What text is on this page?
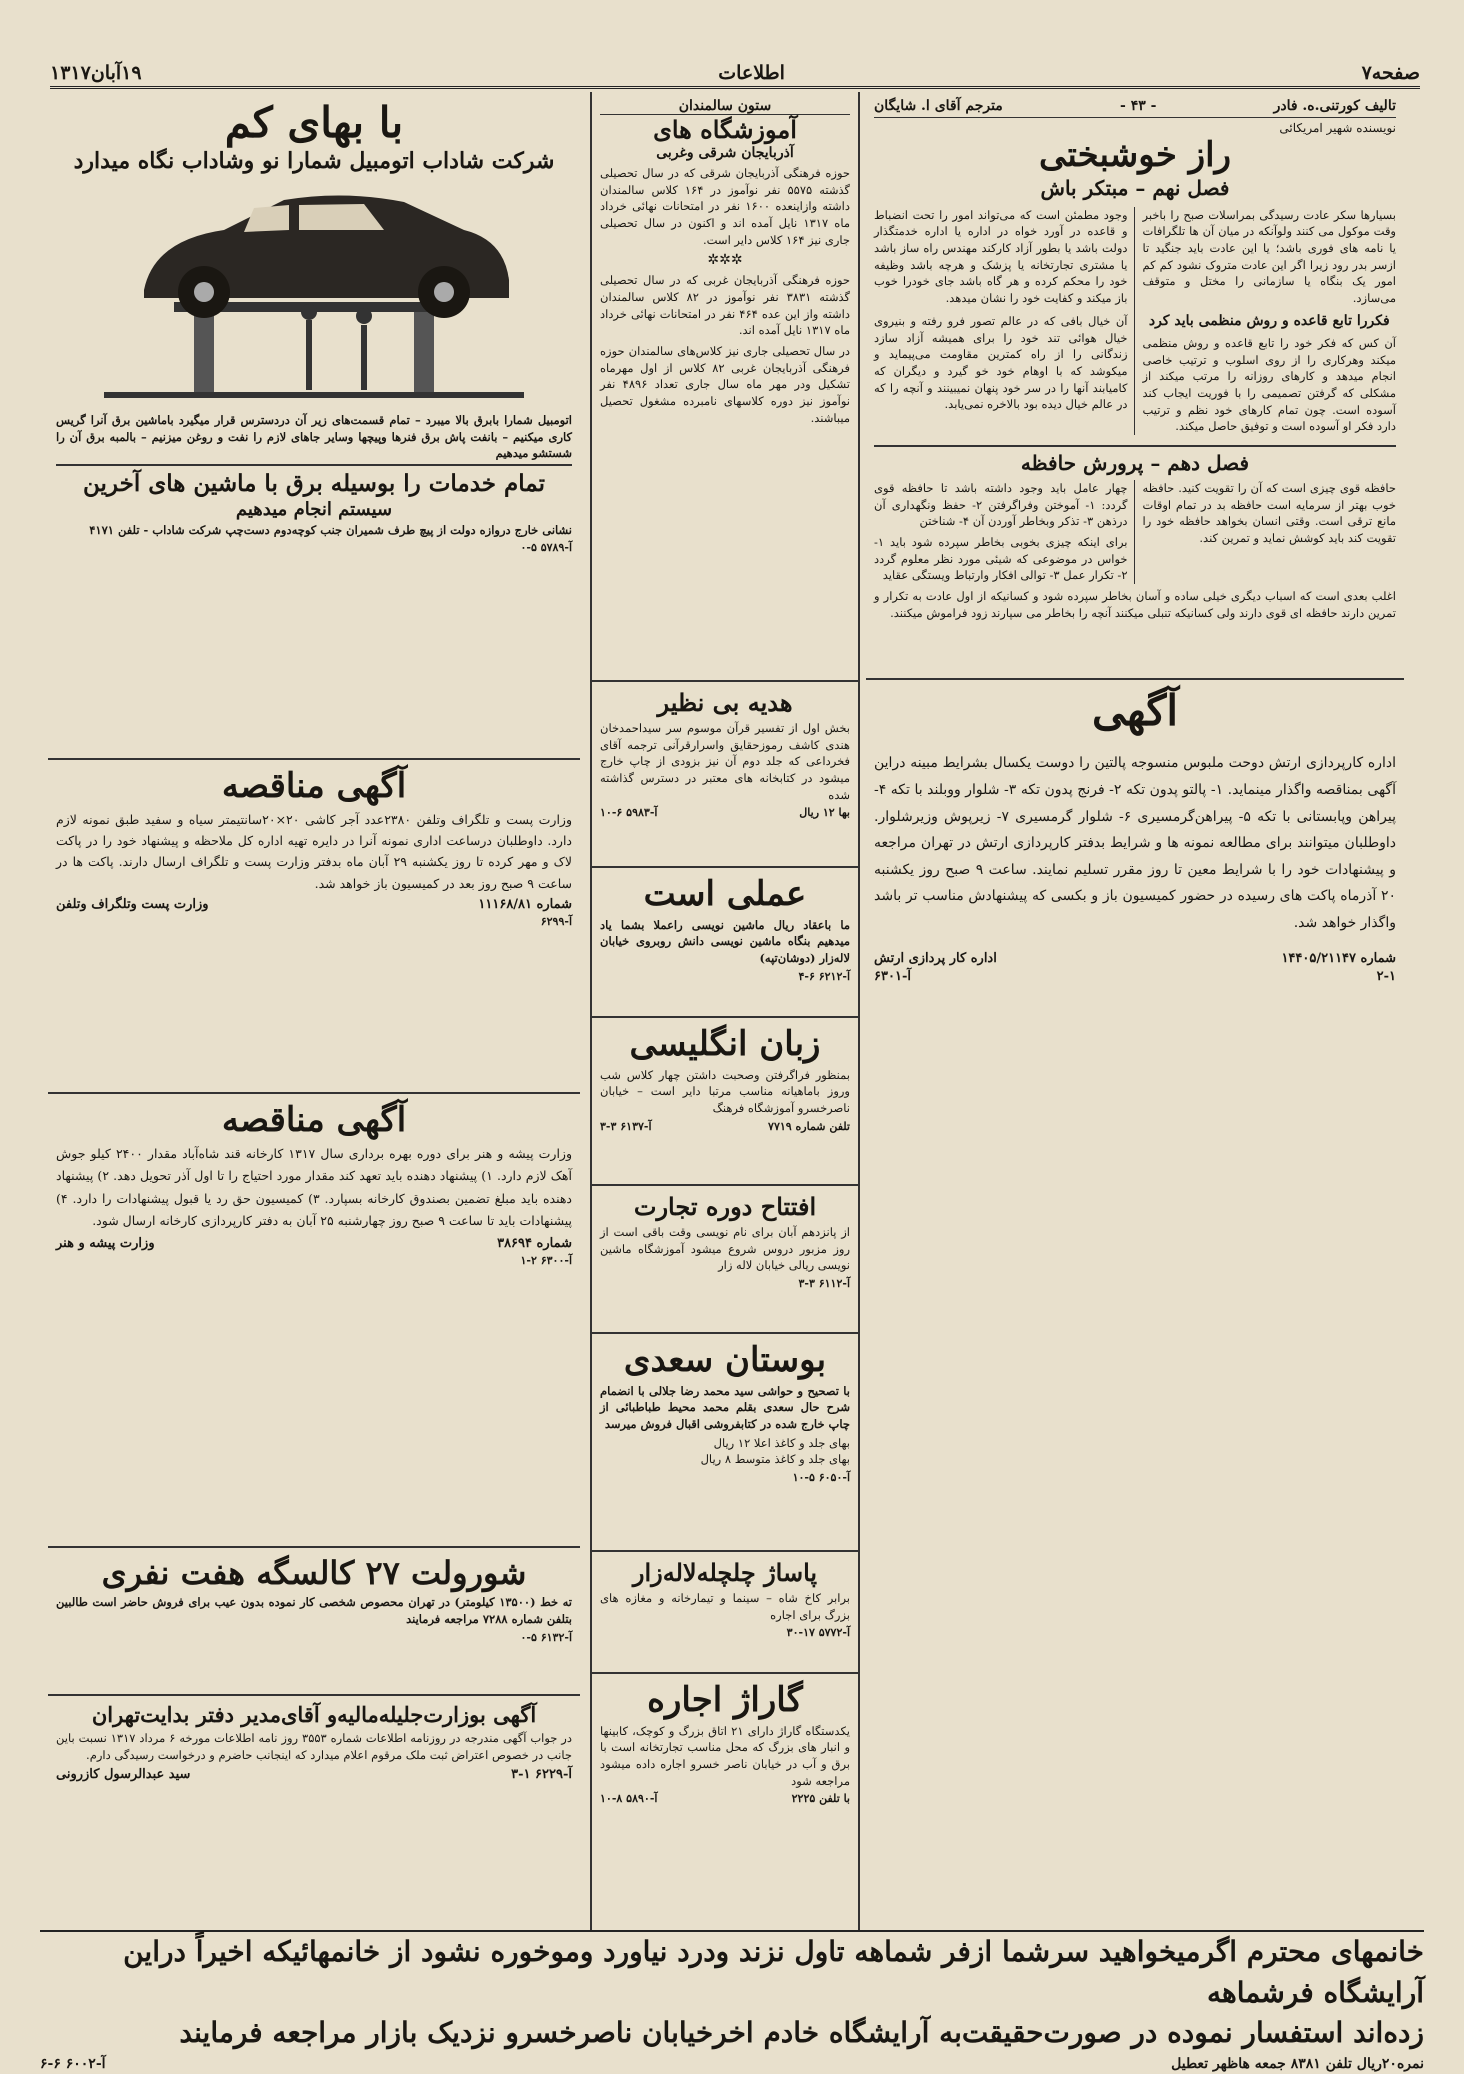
صفحه۷
اطلاعات
۱۹آبان۱۳۱۷
تالیف کورتنی.ه. فادر
- ۴۳ -
مترجم آقای ا. شایگان
نویسنده شهیر امریکائی
راز خوشبختی
فصل نهم – مبتکر باش

بسیارها سکر عادت رسیدگی بمراسلات صبح را باخبر وقت موکول می کنند ولوآنکه در میان آن ها تلگرافات یا نامه های فوری باشد؛ یا این عادت باید جنگید تا ازسر بدر رود زیرا اگر این عادت متروک نشود کم کم امور یک بنگاه یا سازمانی را مختل و متوقف می‌سازد.

فکررا تابع قاعده و روش منظمی باید کرد

آن کس که فکر خود را تابع قاعده و روش منظمی میکند وهرکاری را از روی اسلوب و ترتیب خاصی انجام میدهد و کارهای روزانه را مرتب میکند از مشکلی که گرفتن تصمیمی را با فوریت ایجاب کند آسوده است. چون تمام کارهای خود نظم و ترتیب دارد فکر او آسوده است و توفیق حاصل میکند.

وجود مطمئن است که می‌تواند امور را تحت انضباط و قاعده در آورد خواه در اداره یا اداره خدمتگذار دولت باشد یا بطور آزاد کارکند مهندس راه ساز باشد یا مشتری تجارتخانه یا پزشک و هرچه باشد وظیفه خود را محکم کرده و هر گاه باشد جای خودرا خوب باز میکند و کفایت خود را نشان میدهد.

آن خیال بافی که در عالم تصور فرو رفته و بنیروی خیال هوائی تند خود را برای همیشه آزاد سازد زندگانی را از راه کمترین مقاومت می‌پیماید و میکوشد که با اوهام خود خو گیرد و دیگران که کامیابند آنها را در سر خود پنهان نمیبینند و آنچه را که در عالم خیال دیده بود بالاخره نمی‌یابد.

فصل دهم – پرورش حافظه

حافظه قوی چیزی است که آن را تقویت کنید. حافظه خوب بهتر از سرمایه است حافظه بد در تمام اوقات مانع ترقی است. وقتی انسان بخواهد حافظه خود را تقویت کند باید کوشش نماید و تمرین کند.

چهار عامل باید وجود داشته باشد تا حافظه قوی گردد: ۱- آموختن وفراگرفتن ۲- حفظ ونگهداری آن درذهن ۳- تذکر وبخاطر آوردن آن ۴- شناختن

برای اینکه چیزی بخوبی بخاطر سپرده شود باید ۱- خواس در موضوعی که شیئی مورد نظر معلوم گردد ۲- تکرار عمل ۳- توالی افکار وارتباط ویستگی عقاید

اغلب بعدی است که اسباب دیگری خیلی ساده و آسان بخاطر سپرده شود و کسانیکه از اول عادت به تکرار و تمرین دارند حافظه ای قوی دارند ولی کسانیکه تنبلی میکنند آنچه را بخاطر می سپارند زود فراموش میکنند.

آگهی

اداره کارپردازی ارتش دوحت ملبوس منسوجه پالتین را دوست یکسال بشرایط مبینه دراین آگهی بمناقصه واگذار مینماید. ۱- پالتو پدون تکه ۲- فرنج پدون تکه ۳- شلوار ووبلند با تکه ۴- پیراهن وپابستانی با تکه ۵- پیراهن‌گرمسیری ۶- شلوار گرمسیری ۷- زیرپوش وزیرشلوار. داوطلبان میتوانند برای مطالعه نمونه ها و شرایط بدفتر کارپردازی ارتش در تهران مراجعه و پیشنهادات خود را با شرایط معین تا روز مقرر تسلیم نمایند. ساعت ۹ صبح روز یکشنبه ۲۰ آذرماه پاکت های رسیده در حضور کمیسیون باز و بکسی که پیشنهادش مناسب تر باشد واگذار خواهد شد.

شماره ۱۴۴۰۵/۲۱۱۴۷
اداره کار پردازی ارتش
۲-۱
آ-۶۳۰۱
ستون سالمندان
آموزشگاه های
آذربایجان شرقی وغربی

حوزه فرهنگی آذربایجان شرقی که در سال تحصیلی گذشته ۵۵۷۵ نفر نوآموز در ۱۶۴ کلاس سالمندان داشته وازاینعده ۱۶۰۰ نفر در امتحانات نهائی خرداد ماه ۱۳۱۷ نایل آمده اند و اکنون در سال تحصیلی جاری نیز ۱۶۴ کلاس دایر است.

✲✲✲

حوزه فرهنگی آذربایجان غربی که در سال تحصیلی گذشته ۳۸۳۱ نفر نوآموز در ۸۲ کلاس سالمندان داشته واز این عده ۴۶۴ نفر در امتحانات نهائی خرداد ماه ۱۳۱۷ نایل آمده اند.

در سال تحصیلی جاری نیز کلاس‌های سالمندان حوزه فرهنگی آذربایجان غربی ۸۲ کلاس از اول مهرماه تشکیل ودر مهر ماه سال جاری تعداد ۴۸۹۶ نفر نوآموز نیز دوره کلاسهای نامبرده مشغول تحصیل میباشند.

هدیه بی نظیر

بخش اول از تفسیر قرآن موسوم سر سیداحمدخان هندی کاشف رموزحقایق واسرارقرآنی ترجمه آقای فخرداعی که جلد دوم آن نیز بزودی از چاپ خارج میشود در کتابخانه های معتبر در دسترس گذاشته شده

بها ۱۲ ریال
آ-۵۹۸۳ ۶-۱۰
عملی است

ما باعقاد ریال ماشین نویسی راعملا بشما یاد میدهیم بنگاه ماشین نویسی دانش روبروی خیابان لاله‌زار (دوشان‌تپه)

آ-۶۲۱۲ ۶-۴
زبان انگلیسی

بمنظور فراگرفتن وصحبت داشتن چهار کلاس شب وروز باماهیانه مناسب مرتبا دایر است – خیابان ناصرخسرو آموزشگاه فرهنگ

تلفن شماره ۷۷۱۹
آ-۶۱۳۷ ۳-۳
افتتاح دوره تجارت

از پانزدهم آبان برای نام نویسی وقت باقی است از روز مزبور دروس شروع میشود آموزشگاه ماشین نویسی ریالی خیابان لاله زار

آ-۶۱۱۲ ۳-۳
بوستان سعدی

با تصحیح و حواشی سید محمد رضا جلالی با انضمام شرح حال سعدی بقلم محمد محیط طباطبائی از چاپ خارج شده در کتابفروشی اقبال فروش میرسد

بهای جلد و کاغذ اعلا ۱۲ ریال
بهای جلد و کاغذ متوسط ۸ ریال
آ-۶۰۵۰ ۵-۱۰
پاساژ چلچله‌لاله‌زار

برابر کاخ شاه – سینما و تیمارخانه و مغازه های بزرگ برای اجاره

آ-۵۷۷۲ ۱۷-۳۰
گاراژ اجاره

یکدستگاه گاراژ دارای ۲۱ اتاق بزرگ و کوچک، کابینها و انبار های بزرگ که محل مناسب تجارتخانه است با برق و آب در خیابان ناصر خسرو اجاره داده میشود مراجعه شود

با تلفن ۲۲۲۵
آ-۵۸۹۰ ۸-۱۰
با بهای کم
شرکت شاداب اتومبیل شمارا نو وشاداب نگاه میدارد

اتومبیل شمارا بابرق بالا میبرد – تمام قسمت‌های زیر آن دردسترس قرار میگیرد باماشین برق آنرا گریس کاری میکنیم – بانفت پاش برق فنرها وپیچها وسایر جاهای لازم را نفت و روغن میزنیم – بالمبه برق آن را شستشو میدهیم

تمام خدمات را بوسیله برق با ماشین های آخرین
سیستم انجام میدهیم

نشانی خارج دروازه دولت از پیچ طرف شمیران جنب کوچه‌دوم دست‌چپ شرکت شاداب - تلفن ۴۱۷۱

آ-۵۷۸۹ ۵-۰
آگهی مناقصه

وزارت پست و تلگراف وتلفن ۲۳۸۰عدد آجر کاشی ۲۰×۲۰سانتیمتر سیاه و سفید طبق نمونه لازم دارد. داوطلبان درساعت اداری نمونه آنرا در دایره تهیه اداره کل ملاحظه و پیشنهاد خود را در پاکت لاک و مهر کرده تا روز یکشنبه ۲۹ آبان ماه بدفتر وزارت پست و تلگراف ارسال دارند. پاکت ها در ساعت ۹ صبح روز بعد در کمیسیون باز خواهد شد.

شماره ۱۱۱۶۸/۸۱
وزارت پست وتلگراف وتلفن
آ-۶۲۹۹
آگهی مناقصه

وزارت پیشه و هنر برای دوره بهره برداری سال ۱۳۱۷ کارخانه قند شاه‌آباد مقدار ۲۴۰۰ کیلو جوش آهک لازم دارد. ۱) پیشنهاد دهنده باید تعهد کند مقدار مورد احتیاج را تا اول آذر تحویل دهد. ۲) پیشنهاد دهنده باید مبلغ تضمین بصندوق کارخانه بسپارد. ۳) کمیسیون حق رد یا قبول پیشنهادات را دارد. ۴) پیشنهادات باید تا ساعت ۹ صبح روز چهارشنبه ۲۵ آبان به دفتر کارپردازی کارخانه ارسال شود.

شماره ۳۸۶۹۴
وزارت پیشه و هنر
آ-۶۳۰۰ ۲-۱
شورولت ۲۷ کالسگه هفت نفری

ته خط (۱۳۵۰۰ کیلومتر) در تهران محصوص شخصی کار نموده بدون عیب برای فروش حاضر است طالبین بتلفن شماره ۷۲۸۸ مراجعه فرمایند

آ-۶۱۳۲ ۵-۰
آگهی بوزارت‌جلیله‌مالیه‌و آقای‌مدیر دفتر بدایت‌تهران

در جواب آگهی مندرجه در روزنامه اطلاعات شماره ۳۵۵۳ روز نامه اطلاعات مورخه ۶ مرداد ۱۳۱۷ نسبت باین جانب در خصوص اعتراض ثبت ملک مرقوم اعلام میدارد که اینجانب حاضرم و درخواست رسیدگی دارم.

آ-۶۲۲۹ ۱-۳
سید عبدالرسول کازرونی
خانمهای محترم اگرمیخواهید سرشما ازفر شماهه تاول نزند ودرد نیاورد وموخوره نشود از خانمهائیکه اخیراً دراین آرایشگاه فرشماهه
زده‌اند استفسار نموده در صورت‌حقیقت‌به آرایشگاه خادم اخرخیابان ناصرخسرو نزدیک بازار مراجعه فرمایند
نمره۲۰ریال تلفن ۸۳۸۱ جمعه هاظهر تعطیل
آ-۶۰۰۲ ۶-۶
